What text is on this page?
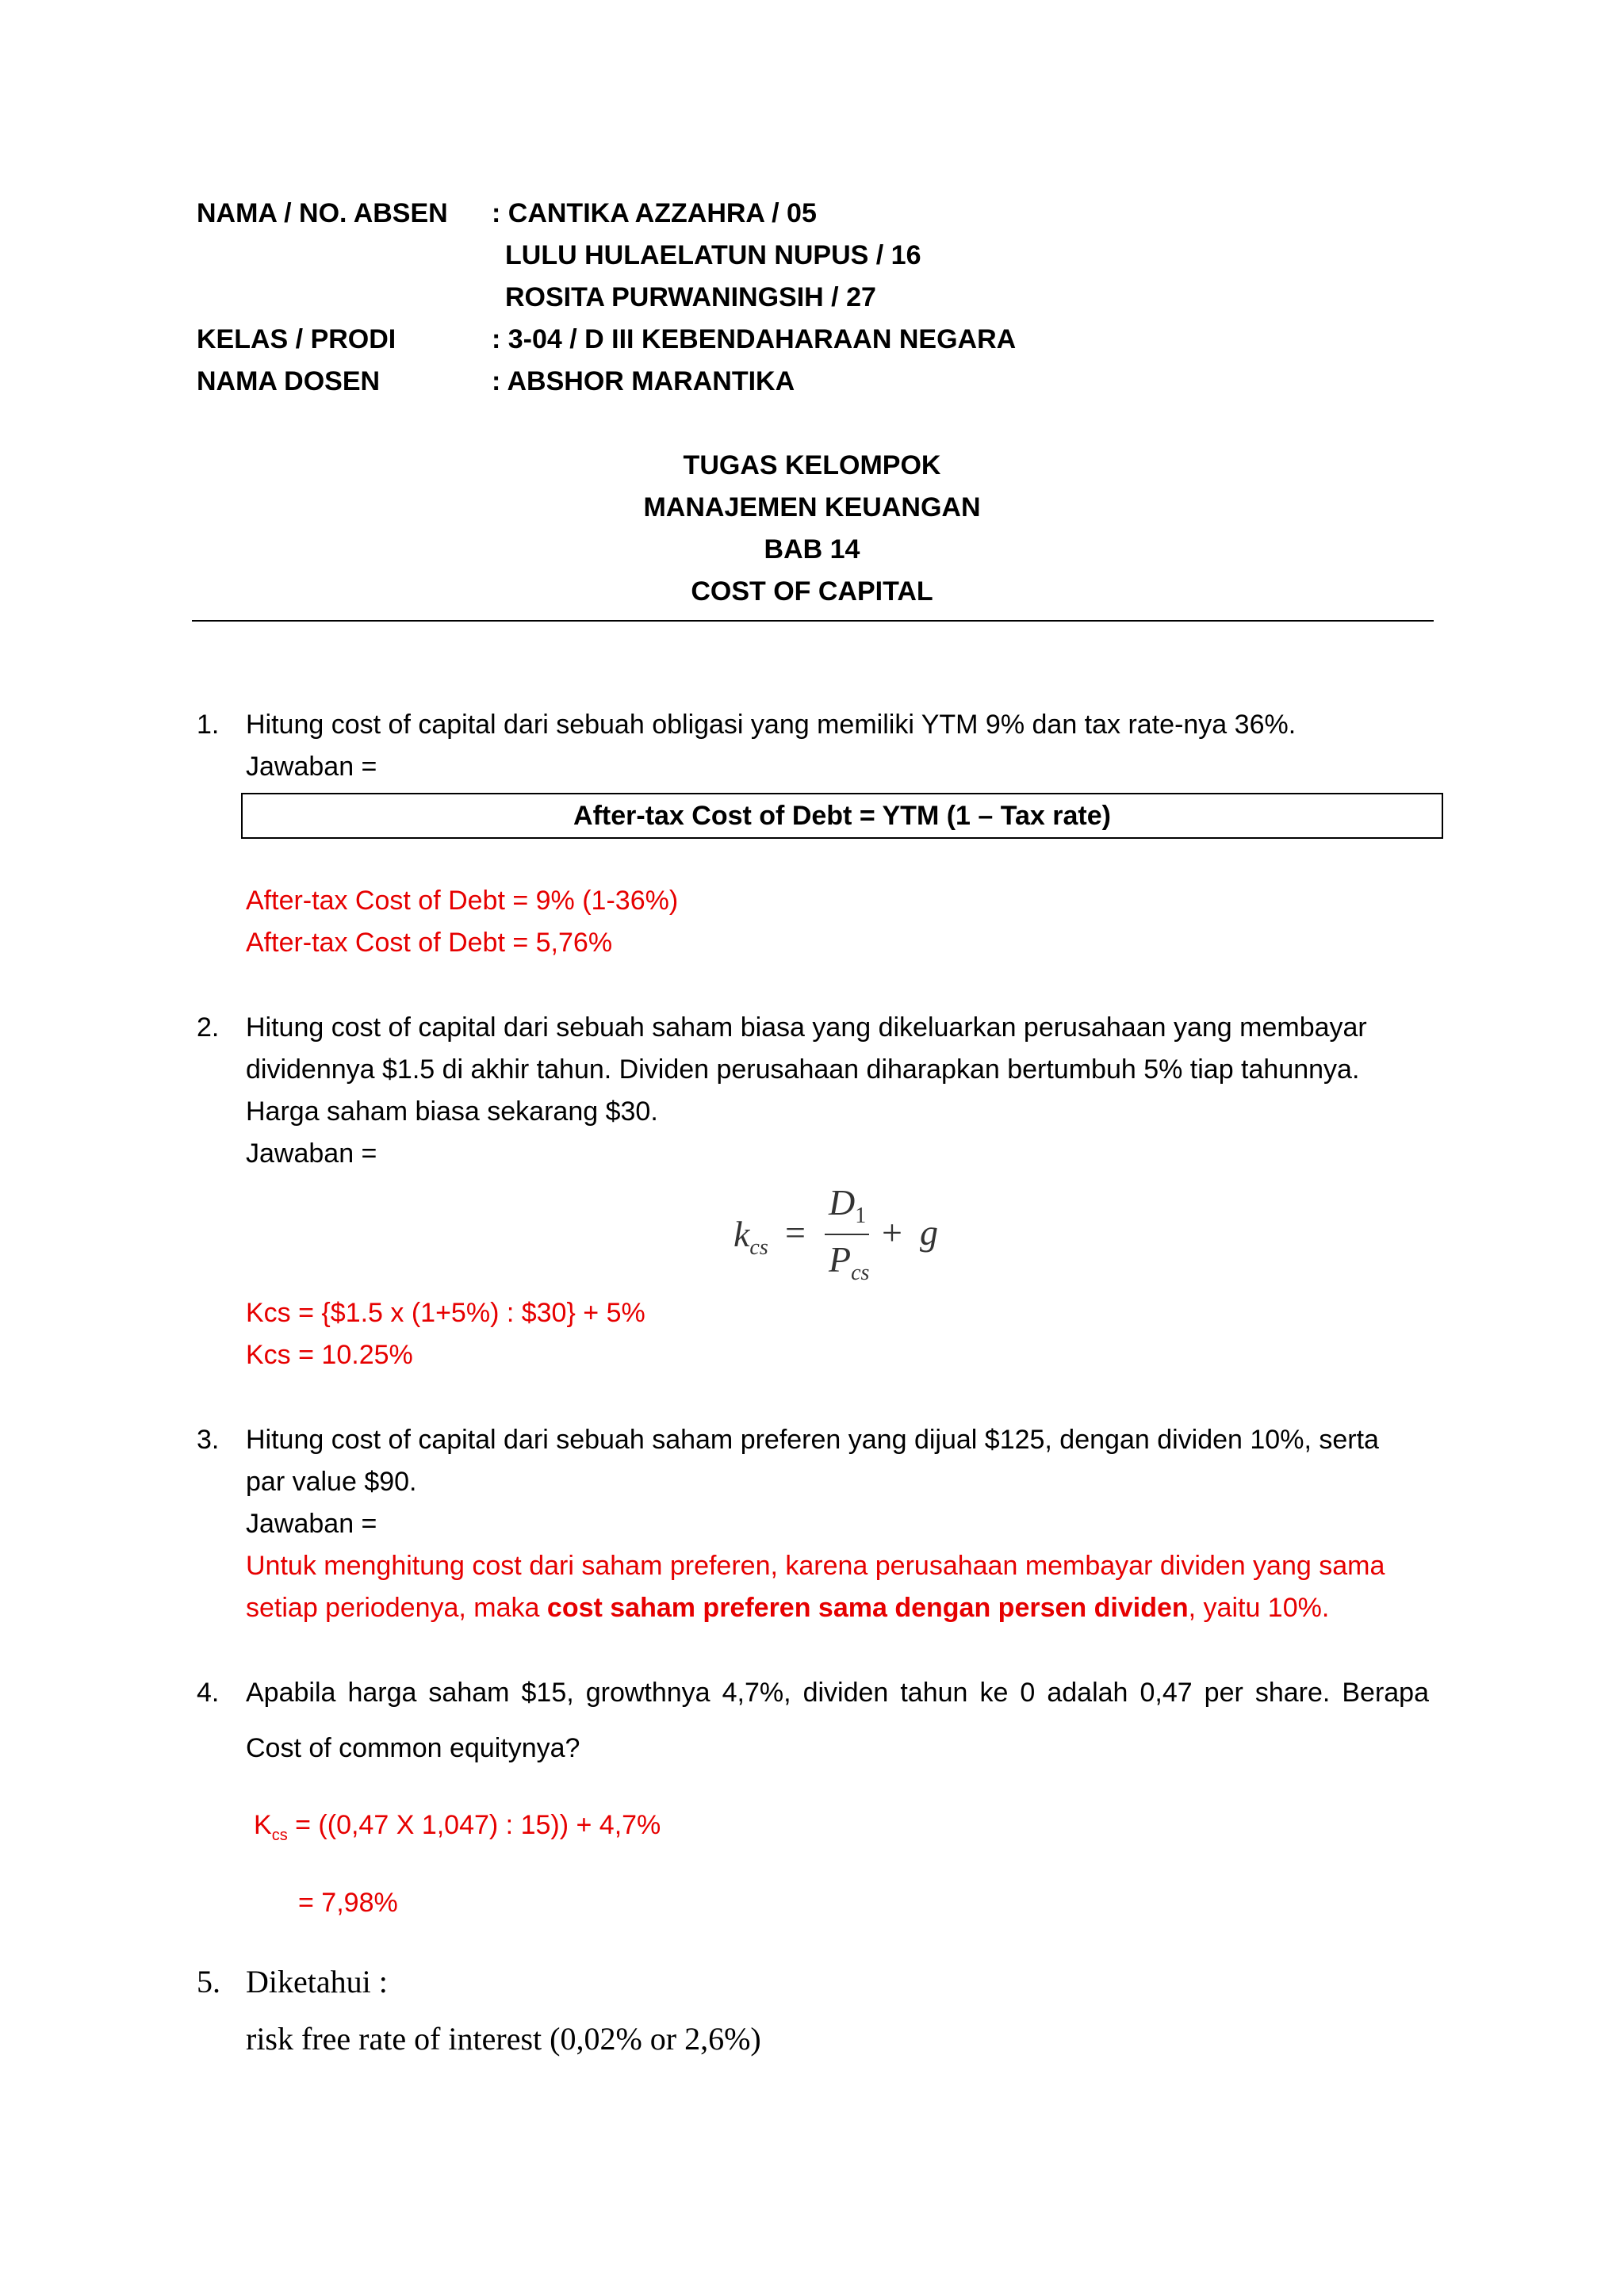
NAMA / NO. ABSEN : CANTIKA AZZAHRA / 05
LULU HULAELATUN NUPUS / 16
ROSITA PURWANINGSIH / 27
KELAS / PRODI	: 3-04 / D III KEBENDAHARAAN NEGARA
NAMA DOSEN	: ABSHOR MARANTIKA
TUGAS KELOMPOK
MANAJEMEN KEUANGAN
BAB 14
COST OF CAPITAL
1. Hitung cost of capital dari sebuah obligasi yang memiliki YTM 9% dan tax rate-nya 36%.
Jawaban =
After-tax Cost of Debt = YTM (1 – Tax rate)
After-tax Cost of Debt = 9% (1-36%)
After-tax Cost of Debt = 5,76%
2. Hitung cost of capital dari sebuah saham biasa yang dikeluarkan perusahaan yang membayar
dividennya $1.5 di akhir tahun. Dividen perusahaan diharapkan bertumbuh 5% tiap tahunnya.
Harga saham biasa sekarang $30.
Jawaban =
$k_{cs}$ =
$D_1$
$P_{cs}$
+ g
Kcs = {$1.5 x (1+5%) : $30} + 5%
Kcs = 10.25%
3. Hitung cost of capital dari sebuah saham preferen yang dijual $125, dengan dividen 10%, serta
par value $90.
Jawaban =
Untuk menghitung cost dari saham preferen, karena perusahaan membayar dividen yang sama
setiap periodenya, maka cost saham preferen sama dengan persen dividen, yaitu 10%.
4. Apabila harga saham $15, growthnya 4,7%, dividen tahun ke 0 adalah 0,47 per share. Berapa
Cost of common equitynya?
$K_{cs} = ((0,47$ X 1,047) : 15)) + 4,7%
= 7,98%
5. Diketahui :
risk free rate of interest (0,02% or 2,6%)
